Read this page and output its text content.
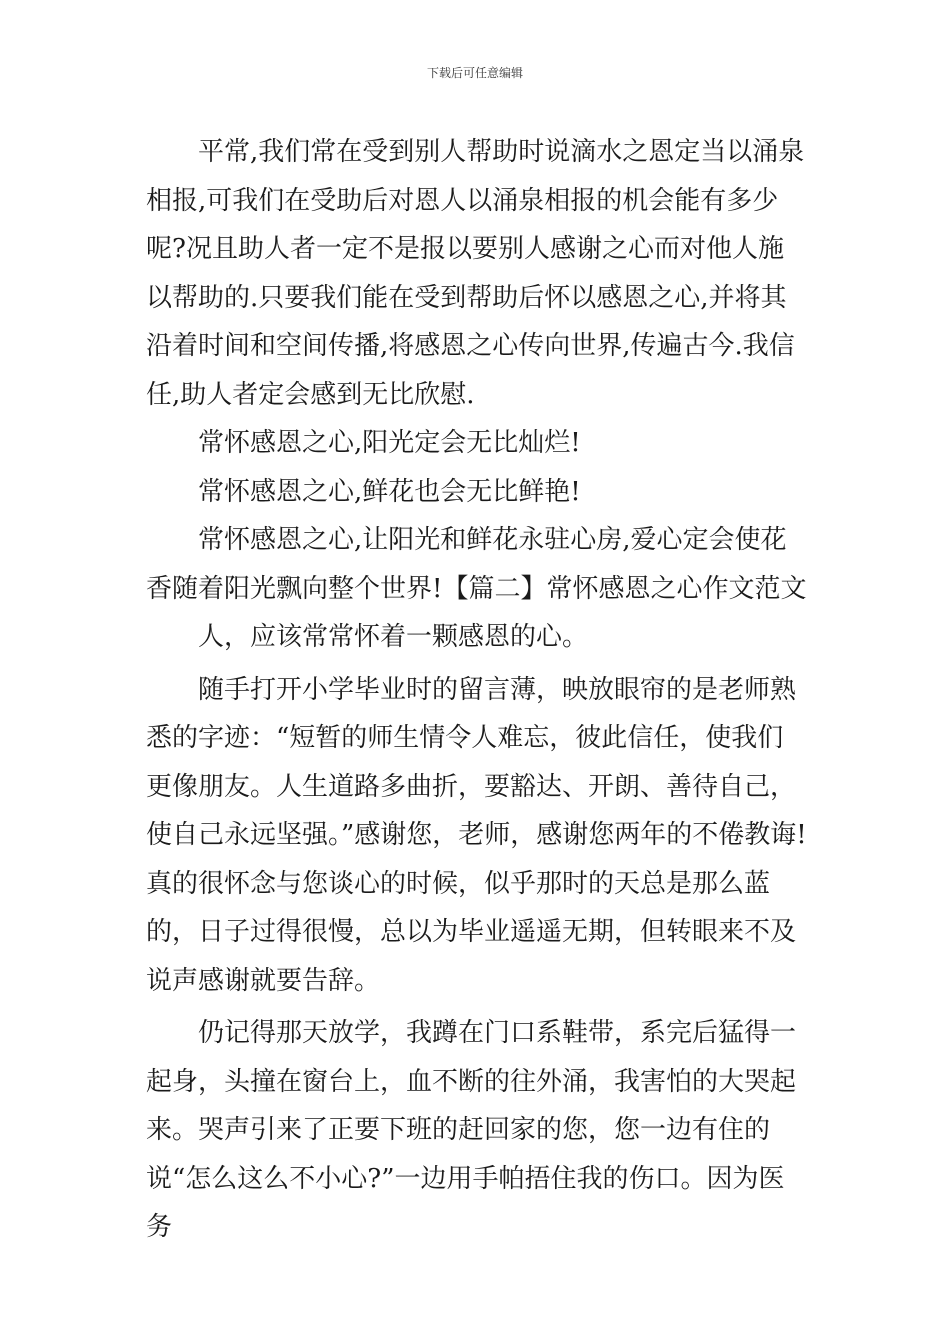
下载后可任意编辑

平常,我们常在受到别人帮助时说滴水之恩定当以涌泉相报,可我们在受助后对恩人以涌泉相报的机会能有多少呢?况且助人者一定不是报以要别人感谢之心而对他人施以帮助的.只要我们能在受到帮助后怀以感恩之心,并将其沿着时间和空间传播,将感恩之心传向世界,传遍古今.我信任,助人者定会感到无比欣慰.

常怀感恩之心,阳光定会无比灿烂!

常怀感恩之心,鲜花也会无比鲜艳!

常怀感恩之心,让阳光和鲜花永驻心房,爱心定会使花香随着阳光飘向整个世界!【篇二】常怀感恩之心作文范文

人，应该常常怀着一颗感恩的心。

随手打开小学毕业时的留言薄，映放眼帘的是老师熟悉的字迹：“短暂的师生情令人难忘，彼此信任，使我们更像朋友。人生道路多曲折，要豁达、开朗、善待自己，使自己永远坚强。”感谢您，老师，感谢您两年的不倦教诲!真的很怀念与您谈心的时候，似乎那时的天总是那么蓝的，日子过得很慢，总以为毕业遥遥无期，但转眼来不及说声感谢就要告辞。

仍记得那天放学，我蹲在门口系鞋带，系完后猛得一起身，头撞在窗台上，血不断的往外涌，我害怕的大哭起来。哭声引来了正要下班的赶回家的您，您一边有住的说“怎么这么不小心?”一边用手帕捂住我的伤口。因为医务
